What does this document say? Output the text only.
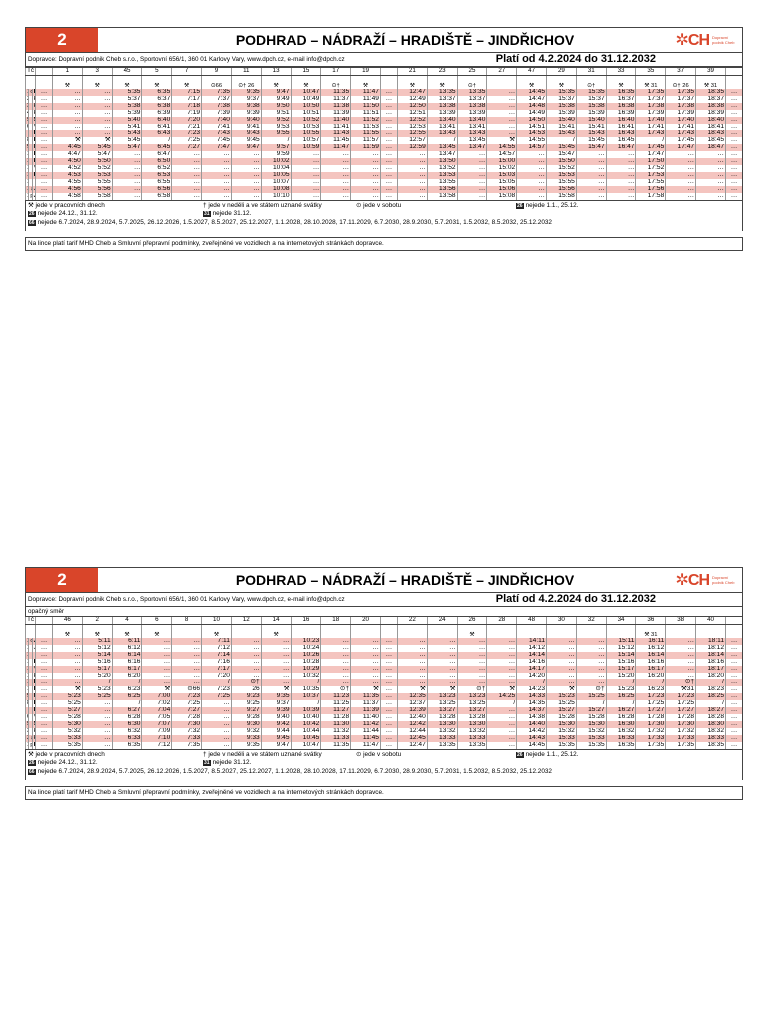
2	PODHRAD – NÁDRAŽÍ – HRADIŠTĚ – JINDŘICHOV	✲CH Dopravní podnik Cheb
Dopravce: Dopravní podnik Cheb s.r.o., Sportovní 656/1, 360 01 Karlovy Vary, www.dpch.cz, e-mail info@dpch.cz	Platí od 4.2.2024 do 31.12.2032
Tč				1	3	45	5	7	9	11	13	15	17	19		21	23	25	27	47	29	31	33	35	37	39	
				⚒	⚒	⚒	⚒	⚒	⊙66	⊙† 26	⚒	⚒	⊙†	⚒		⚒	⚒	⊙†		⚒	⚒	⊙†	⚒	⚒ 31	⊙† 26	⚒ 31	
			…	…	…	5:35	6:35	7:15	7:35	9:35	9:47	10:47	11:35	11:47	…	12:47	13:35	13:35	…	14:45	15:35	15:35	16:35	17:35	17:35	18:35	…
			…	…	…	5:37	6:37	7:17	7:37	9:37	9:49	10:49	11:37	11:49	…	12:49	13:37	13:37	…	14:47	15:37	15:37	16:37	17:37	17:37	18:37	…
			…	…	…	5:38	6:38	7:18	7:38	9:38	9:50	10:50	11:38	11:50	…	12:50	13:38	13:38	…	14:48	15:38	15:38	16:38	17:38	17:38	18:38	…
			…	…	…	5:39	6:39	7:19	7:39	9:39	9:51	10:51	11:39	11:51	…	12:51	13:39	13:39	…	14:49	15:39	15:39	16:39	17:39	17:39	18:39	…
			…	…	…	5:40	6:40	7:20	7:40	9:40	9:52	10:52	11:40	11:52	…	12:52	13:40	13:40	…	14:50	15:40	15:40	16:40	17:40	17:40	18:40	…
			…	…	…	5:41	6:41	7:21	7:41	9:41	9:53	10:53	11:41	11:53	…	12:53	13:41	13:41	…	14:51	15:41	15:41	16:41	17:41	17:41	18:41	…
			…	…	…	5:43	6:43	7:23	7:43	9:43	9:55	10:55	11:43	11:55	…	12:55	13:43	13:43	…	14:53	15:43	15:43	16:43	17:43	17:43	18:43	…
			…	⚒	⚒	5:45	/	7:25	7:45	9:45	/	10:57	11:45	11:57	…	12:57	/	13:45	⚒	14:55	/	15:45	16:45	/	17:45	18:45	…
			…	4:45	5:45	5:47	6:45	7:27	7:47	9:47	9:57	10:59	11:47	11:59	…	12:59	13:45	13:47	14:55	14:57	15:45	15:47	16:47	17:45	17:47	18:47	…
			…	4:47	5:47	…	6:47	…	…	…	9:59	…	…	…	…	…	13:47	…	14:57	…	15:47	…	…	17:47	…	…	…
			…	4:50	5:50	…	6:50	…	…	…	10:02	…	…	…	…	…	13:50	…	15:00	…	15:50	…	…	17:50	…	…	…
			…	4:52	5:52	…	6:52	…	…	…	10:04	…	…	…	…	…	13:52	…	15:02	…	15:52	…	…	17:52	…	…	…
			…	4:53	5:53	…	6:53	…	…	…	10:05	…	…	…	…	…	13:53	…	15:03	…	15:53	…	…	17:53	…	…	…
			…	4:55	5:55	…	6:55	…	…	…	10:07	…	…	…	…	…	13:55	…	15:05	…	15:55	…	…	17:55	…	…	…
			…	4:56	5:56	…	6:56	…	…	…	10:08	…	…	…	…	…	13:56	…	15:06	…	15:56	…	…	17:56	…	…	…
			…	4:58	5:58	…	6:58	…	…	…	10:10	…	…	…	…	…	13:58	…	15:08	…	15:58	…	…	17:58	…	…	…
⚒ jede v pracovních dnech	† jede v neděli a ve státem uznané svátky	⊙ jede v sobotu	26 nejede 1.1., 25.12.
26 nejede 24.12., 31.12.	31 nejede 31.12.
66 nejede 6.7.2024, 28.9.2024, 5.7.2025, 26.12.2026, 1.5.2027, 8.5.2027, 25.12.2027, 1.1.2028, 28.10.2028, 17.11.2029, 6.7.2030, 28.9.2030, 5.7.2031, 1.5.2032, 8.5.2032, 25.12.2032
Na lince platí tarif MHD Cheb a Smluvní přepravní podmínky, zveřejněné ve vozidlech a na internetových stránkách dopravce.
2	PODHRAD – NÁDRAŽÍ – HRADIŠTĚ – JINDŘICHOV	✲CH Dopravní podnik Cheb
Dopravce: Dopravní podnik Cheb s.r.o., Sportovní 656/1, 360 01 Karlovy Vary, www.dpch.cz, e-mail info@dpch.cz	Platí od 4.2.2024 do 31.12.2032
opačný směr
Tč				46	2	4	6	8	10	12	14	16	18	20		22	24	26	28	48	30	32	34	36	38	40	
				⚒	⚒	⚒	⚒		⚒		⚒							⚒						⚒ 31			
			…	…	5:11	6:11	…	…	7:11	…	…	10:23	…	…	…	…	…	…	…	14:11	…	…	15:11	16:11	…	18:11	…
			…	…	5:12	6:12	…	…	7:12	…	…	10:24	…	…	…	…	…	…	…	14:12	…	…	15:12	16:12	…	18:12	…
			…	…	5:14	6:14	…	…	7:14	…	…	10:26	…	…	…	…	…	…	…	14:14	…	…	15:14	16:14	…	18:14	…
			…	…	5:16	6:16	…	…	7:16	…	…	10:28	…	…	…	…	…	…	…	14:16	…	…	15:16	16:16	…	18:16	…
			…	…	5:17	6:17	…	…	7:17	…	…	10:29	…	…	…	…	…	…	…	14:17	…	…	15:17	16:17	…	18:17	…
			…	…	5:20	6:20	…	…	7:20	…	…	10:32	…	…	…	…	…	…	…	14:20	…	…	15:20	16:20	…	18:20	…
			…	…	/	/	…	…	/	⊙†	…	/	…	…	…	…	…	…	…	/	…	…	/	/	⊙†	/	…
			…	⚒	5:23	6:23	⚒	⊙66	7:23	26	⚒	10:35	⊙†	⚒	…	⚒	⚒	⊙†	⚒	14:23	⚒	⊙†	15:23	16:23	⚒31	18:23	…
			…	5:23	5:25	6:25	7:00	7:23	7:25	9:23	9:35	10:37	11:23	11:35	…	12:35	13:23	13:23	14:25	14:33	15:23	15:25	16:25	17:23	17:23	18:25	…
			…	5:25	…	/	7:02	7:25	…	9:25	9:37	/	11:25	11:37	…	12:37	13:25	13:25	/	14:35	15:25	/	/	17:25	17:25	/	…
			…	5:27	…	6:27	7:04	7:27	…	9:27	9:39	10:39	11:27	11:39	…	12:39	13:27	13:27	…	14:37	15:27	15:27	16:27	17:27	17:27	18:27	…
			…	5:28	…	6:28	7:05	7:28	…	9:28	9:40	10:40	11:28	11:40	…	12:40	13:28	13:28	…	14:38	15:28	15:28	16:28	17:28	17:28	18:28	…
			…	5:30	…	6:30	7:07	7:30	…	9:30	9:42	10:42	11:30	11:42	…	12:42	13:30	13:30	…	14:40	15:30	15:30	16:30	17:30	17:30	18:30	…
			…	5:32	…	6:32	7:09	7:32	…	9:32	9:44	10:44	11:32	11:44	…	12:44	13:32	13:32	…	14:42	15:32	15:32	16:32	17:32	17:32	18:32	…
			…	5:33	…	6:33	7:10	7:33	…	9:33	9:45	10:45	11:33	11:45	…	12:45	13:33	13:33	…	14:43	15:33	15:33	16:33	17:33	17:33	18:33	…
			…	5:35	…	6:35	7:12	7:35	…	9:35	9:47	10:47	11:35	11:47	…	12:47	13:35	13:35	…	14:45	15:35	15:35	16:35	17:35	17:35	18:35	…
⚒ jede v pracovních dnech	† jede v neděli a ve státem uznané svátky	⊙ jede v sobotu	26 nejede 1.1., 25.12.
26 nejede 24.12., 31.12.	31 nejede 31.12.
66 nejede 6.7.2024, 28.9.2024, 5.7.2025, 26.12.2026, 1.5.2027, 8.5.2027, 25.12.2027, 1.1.2028, 28.10.2028, 17.11.2029, 6.7.2030, 28.9.2030, 5.7.2031, 1.5.2032, 8.5.2032, 25.12.2032
Na lince platí tarif MHD Cheb a Smluvní přepravní podmínky, zveřejněné ve vozidlech a na internetových stránkách dopravce.
